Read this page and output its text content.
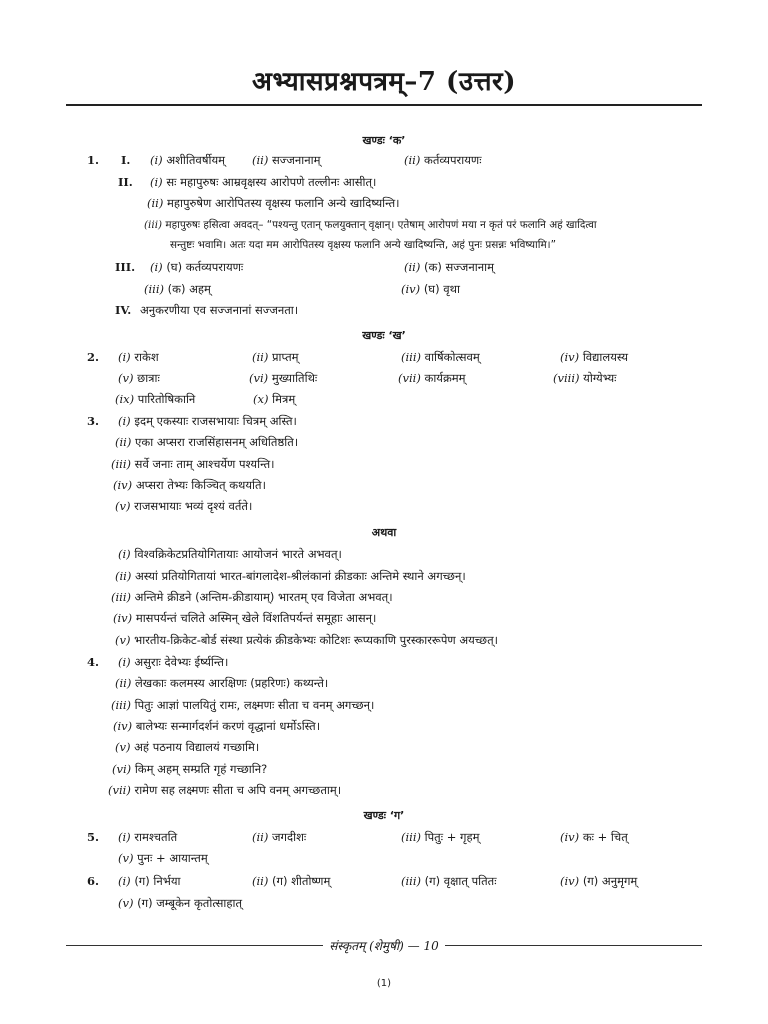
अभ्यासप्रश्नपत्रम्–7 (उत्तर)
खण्डः ‘क’
1. I. (i) अशीतिवर्षीयम् (ii) सज्जनानाम्	(ii) कर्तव्यपरायणः
II. (i) सः महापुरुषः आम्रवृक्षस्य आरोपणे तल्लीनः आसीत्।
(ii) महापुरुषेण आरोपितस्य वृक्षस्य फलानि अन्ये खादिष्यन्ति।
(iii) महापुरुषः हसित्वा अवदत्– “पश्यन्तु एतान् फलयुक्तान् वृक्षान्। एतेषाम् आरोपणं मया न कृतं परं फलानि अहं खादित्वा
सन्तुष्टः भवामि। अतः यदा मम आरोपितस्य वृक्षस्य फलानि अन्ये खादिष्यन्ति, अहं पुनः प्रसन्नः भविष्यामि।”
III. (i) (घ) कर्तव्यपरायणः	(ii) (क) सज्जनानाम्
(iii) (क) अहम्	(iv) (घ) वृथा
IV. अनुकरणीया एव सज्जनानां सज्जनता।
खण्डः ‘ख’
2. (i) राकेश	(ii) प्राप्तम्	(iii) वार्षिकोत्सवम्	(iv) विद्यालयस्य
(v) छात्राः	(vi) मुख्यातिथिः	(vii) कार्यक्रमम्	(viii) योग्येभ्यः
(ix) पारितोषिकानि	(x) मित्रम्
3. (i) इदम् एकस्याः राजसभायाः चित्रम् अस्ति।
(ii) एका अप्सरा राजसिंहासनम् अधितिष्ठति।
(iii) सर्वे जनाः ताम् आश्चर्येण पश्यन्ति।
(iv) अप्सरा तेभ्यः किञ्चित् कथयति।
(v) राजसभायाः भव्यं दृश्यं वर्तते।
अथवा
(i) विश्वक्रिकेटप्रतियोगितायाः आयोजनं भारते अभवत्।
(ii) अस्यां प्रतियोगितायां भारत-बांगलादेश-श्रीलंकानां क्रीडकाः अन्तिमे स्थाने अगच्छन्।
(iii) अन्तिमे क्रीडने (अन्तिम-क्रीडायाम्) भारतम् एव विजेता अभवत्।
(iv) मासपर्यन्तं चलिते अस्मिन् खेले विंशतिपर्यन्तं समूहाः आसन्।
(v) भारतीय-क्रिकेट-बोर्ड संस्था प्रत्येकं क्रीडकेभ्यः कोटिशः रूप्यकाणि पुरस्काररूपेण अयच्छत्।
4. (i) असुराः देवेभ्यः ईर्ष्यन्ति।
(ii) लेखकाः कलमस्य आरक्षिणः (प्रहरिणः) कथ्यन्ते।
(iii) पितुः आज्ञां पालयितुं रामः, लक्ष्मणः सीता च वनम् अगच्छन्।
(iv) बालेभ्यः सन्मार्गदर्शनं करणं वृद्धानां धर्मोऽस्ति।
(v) अहं पठनाय विद्यालयं गच्छामि।
(vi) किम् अहम् सम्प्रति गृहं गच्छानि?
(vii) रामेण सह लक्ष्मणः सीता च अपि वनम् अगच्छताम्।
खण्डः ‘ग’
5. (i) रामश्चतति	(ii) जगदीशः	(iii) पितुः + गृहम्	(iv) कः + चित्
(v) पुनः + आयान्तम्
6. (i) (ग) निर्भया	(ii) (ग) शीतोष्णम्	(iii) (ग) वृक्षात् पतितः	(iv) (ग) अनुमृगम्
(v) (ग) जम्बूकेन कृतोत्साहात्
संस्कृतम् (शेमुषी) — 10
(1)
